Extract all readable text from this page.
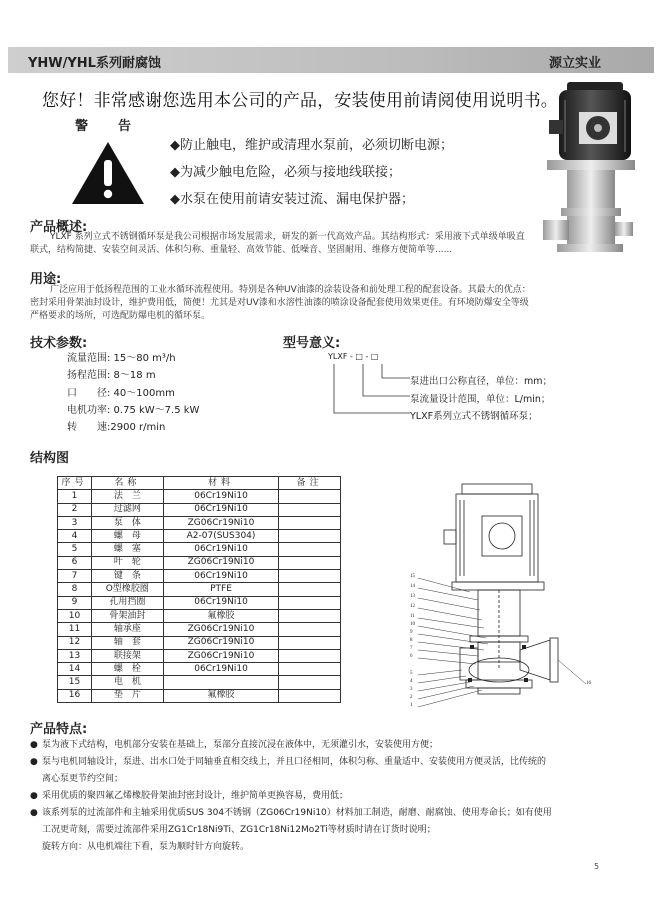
YHW/YHL系列耐腐蚀	源立实业
您好！非常感谢您选用本公司的产品，安装使用前请阅使用说明书。
警告
◆防止触电，维护或清理水泵前，必须切断电源；
◆为减少触电危险，必须与接地线联接；
◆水泵在使用前请安装过流、漏电保护器；
产品概述:
YLXF 系列立式不锈钢循环泵是我公司根据市场发展需求，研发的新一代高效产品。其结构形式：采用液下式单级单吸直
联式，结构简捷、安装空间灵活、体积匀称、重量轻、高效节能、低噪音、坚固耐用、维修方便简单等......
用途:
广泛应用于低扬程范围的工业水循环流程使用。特别是各种UV油漆的涂装设备和前处理工程的配套设备。其最大的优点：
密封采用骨架油封设计，维护费用低，简便！尤其是对UV漆和水溶性油漆的喷涂设备配套使用效果更佳。有环境防爆安全等级
严格要求的场所，可选配防爆电机的循环泵。
技术参数:
流量范围: 15～80 m³/h
扬程范围: 8～18 m
口　　径: 40～100mm
电机功率: 0.75 kW～7.5 kW
转　　速:2900 r/min
型号意义:
YLXF - □ - □
泵进出口公称直径，单位：mm；
泵流量设计范围，单位：L/min；
YLXF系列立式不锈钢循环泵；
结构图
序号	名称	材料	备注
1	法　兰	06Cr19Ni10	
2	过滤网	06Cr19Ni10	
3	泵　体	ZG06Cr19Ni10	
4	螺　母	A2-07(SUS304)	
5	螺　塞	06Cr19Ni10	
6	叶　轮	ZG06Cr19Ni10	
7	键　条	06Cr19Ni10	
8	O型橡胶圈	PTFE	
9	孔用挡圈	06Cr19Ni10	
10	骨架油封	氟橡胶	
11	轴承座	ZG06Cr19Ni10	
12	轴　套	ZG06Cr19Ni10	
13	联接架	ZG06Cr19Ni10	
14	螺　栓	06Cr19Ni10	
15	电　机		
16	垫　片	氟橡胶	
15
14
13
12
11
10
9
8
7
6
5
4
3
2
1
16
产品特点:
● 泵为液下式结构，电机部分安装在基础上，泵部分直接沉浸在液体中，无须灌引水，安装使用方便；
● 泵与电机同轴设计，泵进、出水口处于同轴垂直相交线上，并且口径相同，体积匀称、重量适中、安装使用方便灵活，比传统的
离心泵更节约空间；
● 采用优质的聚四氟乙烯橡胶骨架油封密封设计，维护简单更换容易，费用低；
● 该系列泵的过流部件和主轴采用优质SUS 304不锈钢（ZG06Cr19Ni10）材料加工制造，耐磨、耐腐蚀、使用寿命长；如有使用
工况更苛刻，需要过流部件采用ZG1Cr18Ni9Ti、ZG1Cr18Ni12Mo2Ti等材质时请在订货时说明；
旋转方向：从电机端往下看，泵为顺时针方向旋转。
5
